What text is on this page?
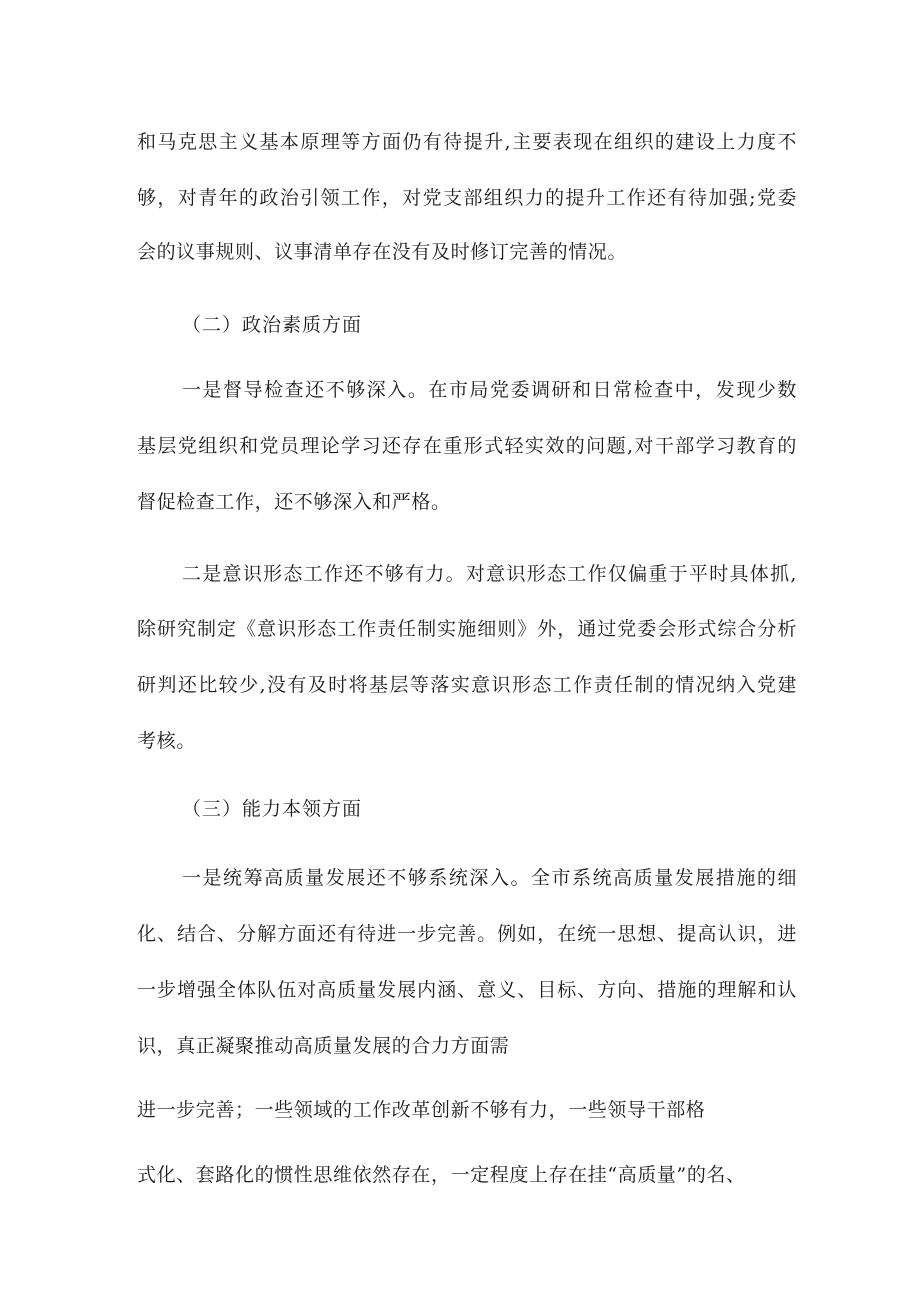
和马克思主义基本原理等方面仍有待提升,主要表现在组织的建设上力度不
够，对青年的政治引领工作，对党支部组织力的提升工作还有待加强;党委
会的议事规则、议事清单存在没有及时修订完善的情况。
（二）政治素质方面
一是督导检查还不够深入。在市局党委调研和日常检查中，发现少数
基层党组织和党员理论学习还存在重形式轻实效的问题,对干部学习教育的
督促检查工作，还不够深入和严格。
二是意识形态工作还不够有力。对意识形态工作仅偏重于平时具体抓,
除研究制定《意识形态工作责任制实施细则》外，通过党委会形式综合分析
研判还比较少,没有及时将基层等落实意识形态工作责任制的情况纳入党建
考核。
（三）能力本领方面
一是统筹高质量发展还不够系统深入。全市系统高质量发展措施的细
化、结合、分解方面还有待进一步完善。例如，在统一思想、提高认识，进
一步增强全体队伍对高质量发展内涵、意义、目标、方向、措施的理解和认
识，真正凝聚推动高质量发展的合力方面需
进一步完善；一些领域的工作改革创新不够有力，一些领导干部格
式化、套路化的惯性思维依然存在，一定程度上存在挂“高质量”的名、
